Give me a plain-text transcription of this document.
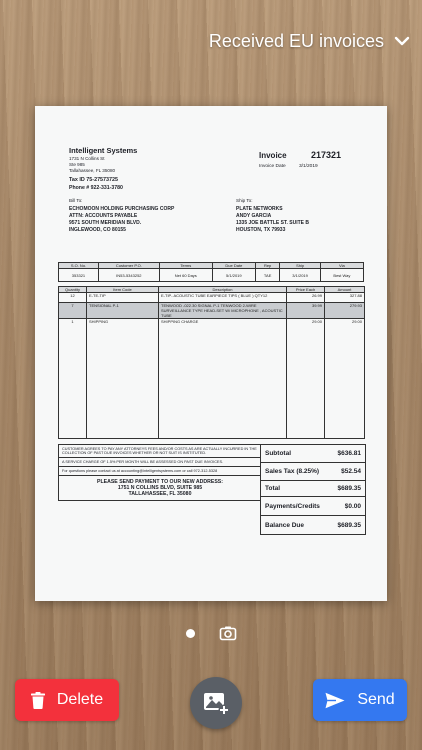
Received EU invoices
Intelligent Systems
1731 N Collins St
Ste 985
Tallahassee, FL 35080
Tax ID 75-27573725
Phone # 922-331-3780
Invoice	217321
Invoice Date	3/1/2019
Bill To:
ECHOMOON HOLDING PURCHASING CORP
ATTN: ACCOUNTS PAYABLE
9571 SOUTH MERIDIAN BLVD.
INGLEWOOD, CO 80155
Ship To:
PLATE NETWORKS
ANDY GARCIA
1335 JOE BATTLE ST. SUITE B
HOUSTON, TX 79933
S.O. No.	Customer P.O.	Terms	Due Date	Rep	Ship	Via
353321	IN53-5343252	Net 60 Days	5/1/2019	TAE	3/1/2019	Best Way
Quantity	Item Code	Description	Price Each	Amount
12	E-TE-TIP	E-TIP- ACOUSTIC TUBE EARPIECE TIPS ( BLUE ) QTY12	26.99	327.88
7	TENSIONAL P-1	TENWOOD -022.30 SIGNAL P-1 TENWOOD 2-WIRE SURVEILLANCE TYPE HEAD-SET W/ MICROPHONE , ACOUSTIC TUBE	39.99	279.93
1	SHIPPING	SHIPPING CHARGE	29.00	29.00
CUSTOMER AGREES TO PAY ANY ATTORNEYS FEES AND/OR COSTS AS ARE ACTUALLY INCURRED IN THE COLLECTION OF PAST DUE INVOICES WHETHER OR NOT SUIT IS INSTITUTED.
A SERVICE CHARGE OF 1.5% PER MONTH WILL BE ASSESSED ON PAST DUE INVOICES.
For questions please contact us at accounting@intelligentsystems.com or call 972-312-5328
PLEASE SEND PAYMENT TO OUR NEW ADDRESS:
1751 N COLLINS BLVD, SUITE 985
TALLAHASSEE, FL 35080
Subtotal	$636.81
Sales Tax (8.25%)	$52.54
Total	$689.35
Payments/Credits	$0.00
Balance Due	$689.35
Delete	Send
